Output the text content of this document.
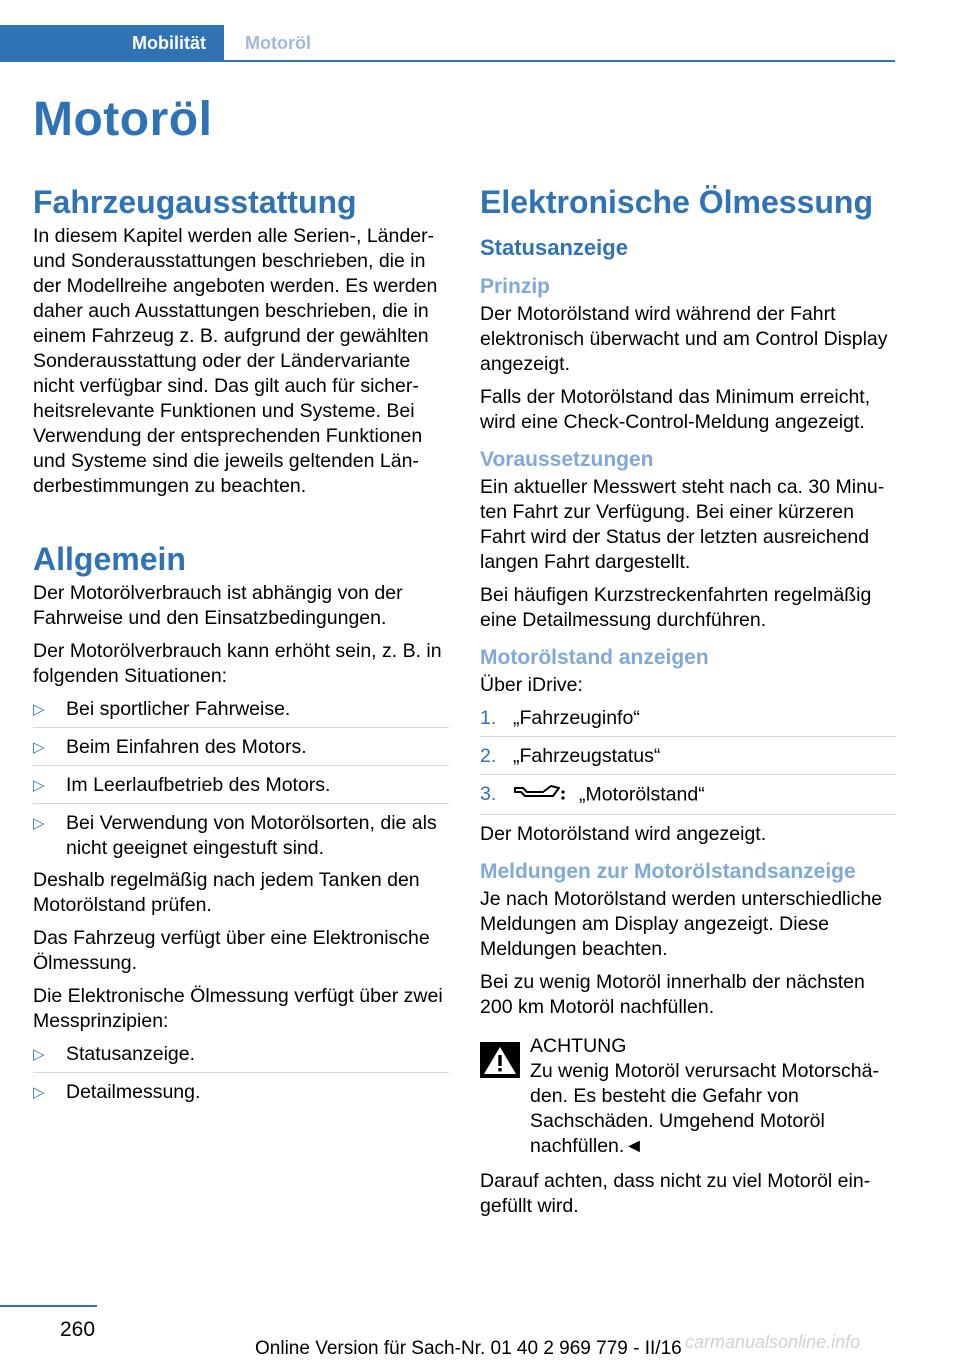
Mobilität	Motoröl
Motoröl
Fahrzeugausstattung

In diesem Kapitel werden alle Serien-, Länder- und Sonderausstattungen beschrieben, die in der Modellreihe angeboten werden. Es werden daher auch Ausstattungen beschrieben, die in einem Fahrzeug z. B. aufgrund der gewählten Sonderausstattung oder der Ländervariante nicht verfügbar sind. Das gilt auch für sicherheitsrelevante Funktionen und Systeme. Bei Verwendung der entsprechenden Funktionen und Systeme sind die jeweils geltenden Länderbestimmungen zu beachten.

Allgemein

Der Motorölverbrauch ist abhängig von der Fahrweise und den Einsatzbedingungen.

Der Motorölverbrauch kann erhöht sein, z. B. in folgenden Situationen:

▷ Bei sportlicher Fahrweise.
▷ Beim Einfahren des Motors.
▷ Im Leerlaufbetrieb des Motors.
▷ Bei Verwendung von Motorölsorten, die als nicht geeignet eingestuft sind.

Deshalb regelmäßig nach jedem Tanken den Motorölstand prüfen.

Das Fahrzeug verfügt über eine Elektronische Ölmessung.

Die Elektronische Ölmessung verfügt über zwei Messprinzipien:

▷ Statusanzeige.
▷ Detailmessung.
Elektronische Ölmessung
Statusanzeige
Prinzip

Der Motorölstand wird während der Fahrt elektronisch überwacht und am Control Display angezeigt.

Falls der Motorölstand das Minimum erreicht, wird eine Check-Control-Meldung angezeigt.

Voraussetzungen

Ein aktueller Messwert steht nach ca. 30 Minuten Fahrt zur Verfügung. Bei einer kürzeren Fahrt wird der Status der letzten ausreichend langen Fahrt dargestellt.

Bei häufigen Kurzstreckenfahrten regelmäßig eine Detailmessung durchführen.

Motorölstand anzeigen

Über iDrive:

1. „Fahrzeuginfo“
2. „Fahrzeugstatus“
3.	„Motorölstand“

Der Motorölstand wird angezeigt.

Meldungen zur Motorölstandsanzeige

Je nach Motorölstand werden unterschiedliche Meldungen am Display angezeigt. Diese Meldungen beachten.

Bei zu wenig Motoröl innerhalb der nächsten 200 km Motoröl nachfüllen.

ACHTUNG
Zu wenig Motoröl verursacht Motorschäden. Es besteht die Gefahr von Sachschäden. Umgehend Motoröl nachfüllen.◄

Darauf achten, dass nicht zu viel Motoröl eingefüllt wird.

260
Online Version für Sach-Nr. 01 40 2 969 779 - II/16 carmanualsonline.info
